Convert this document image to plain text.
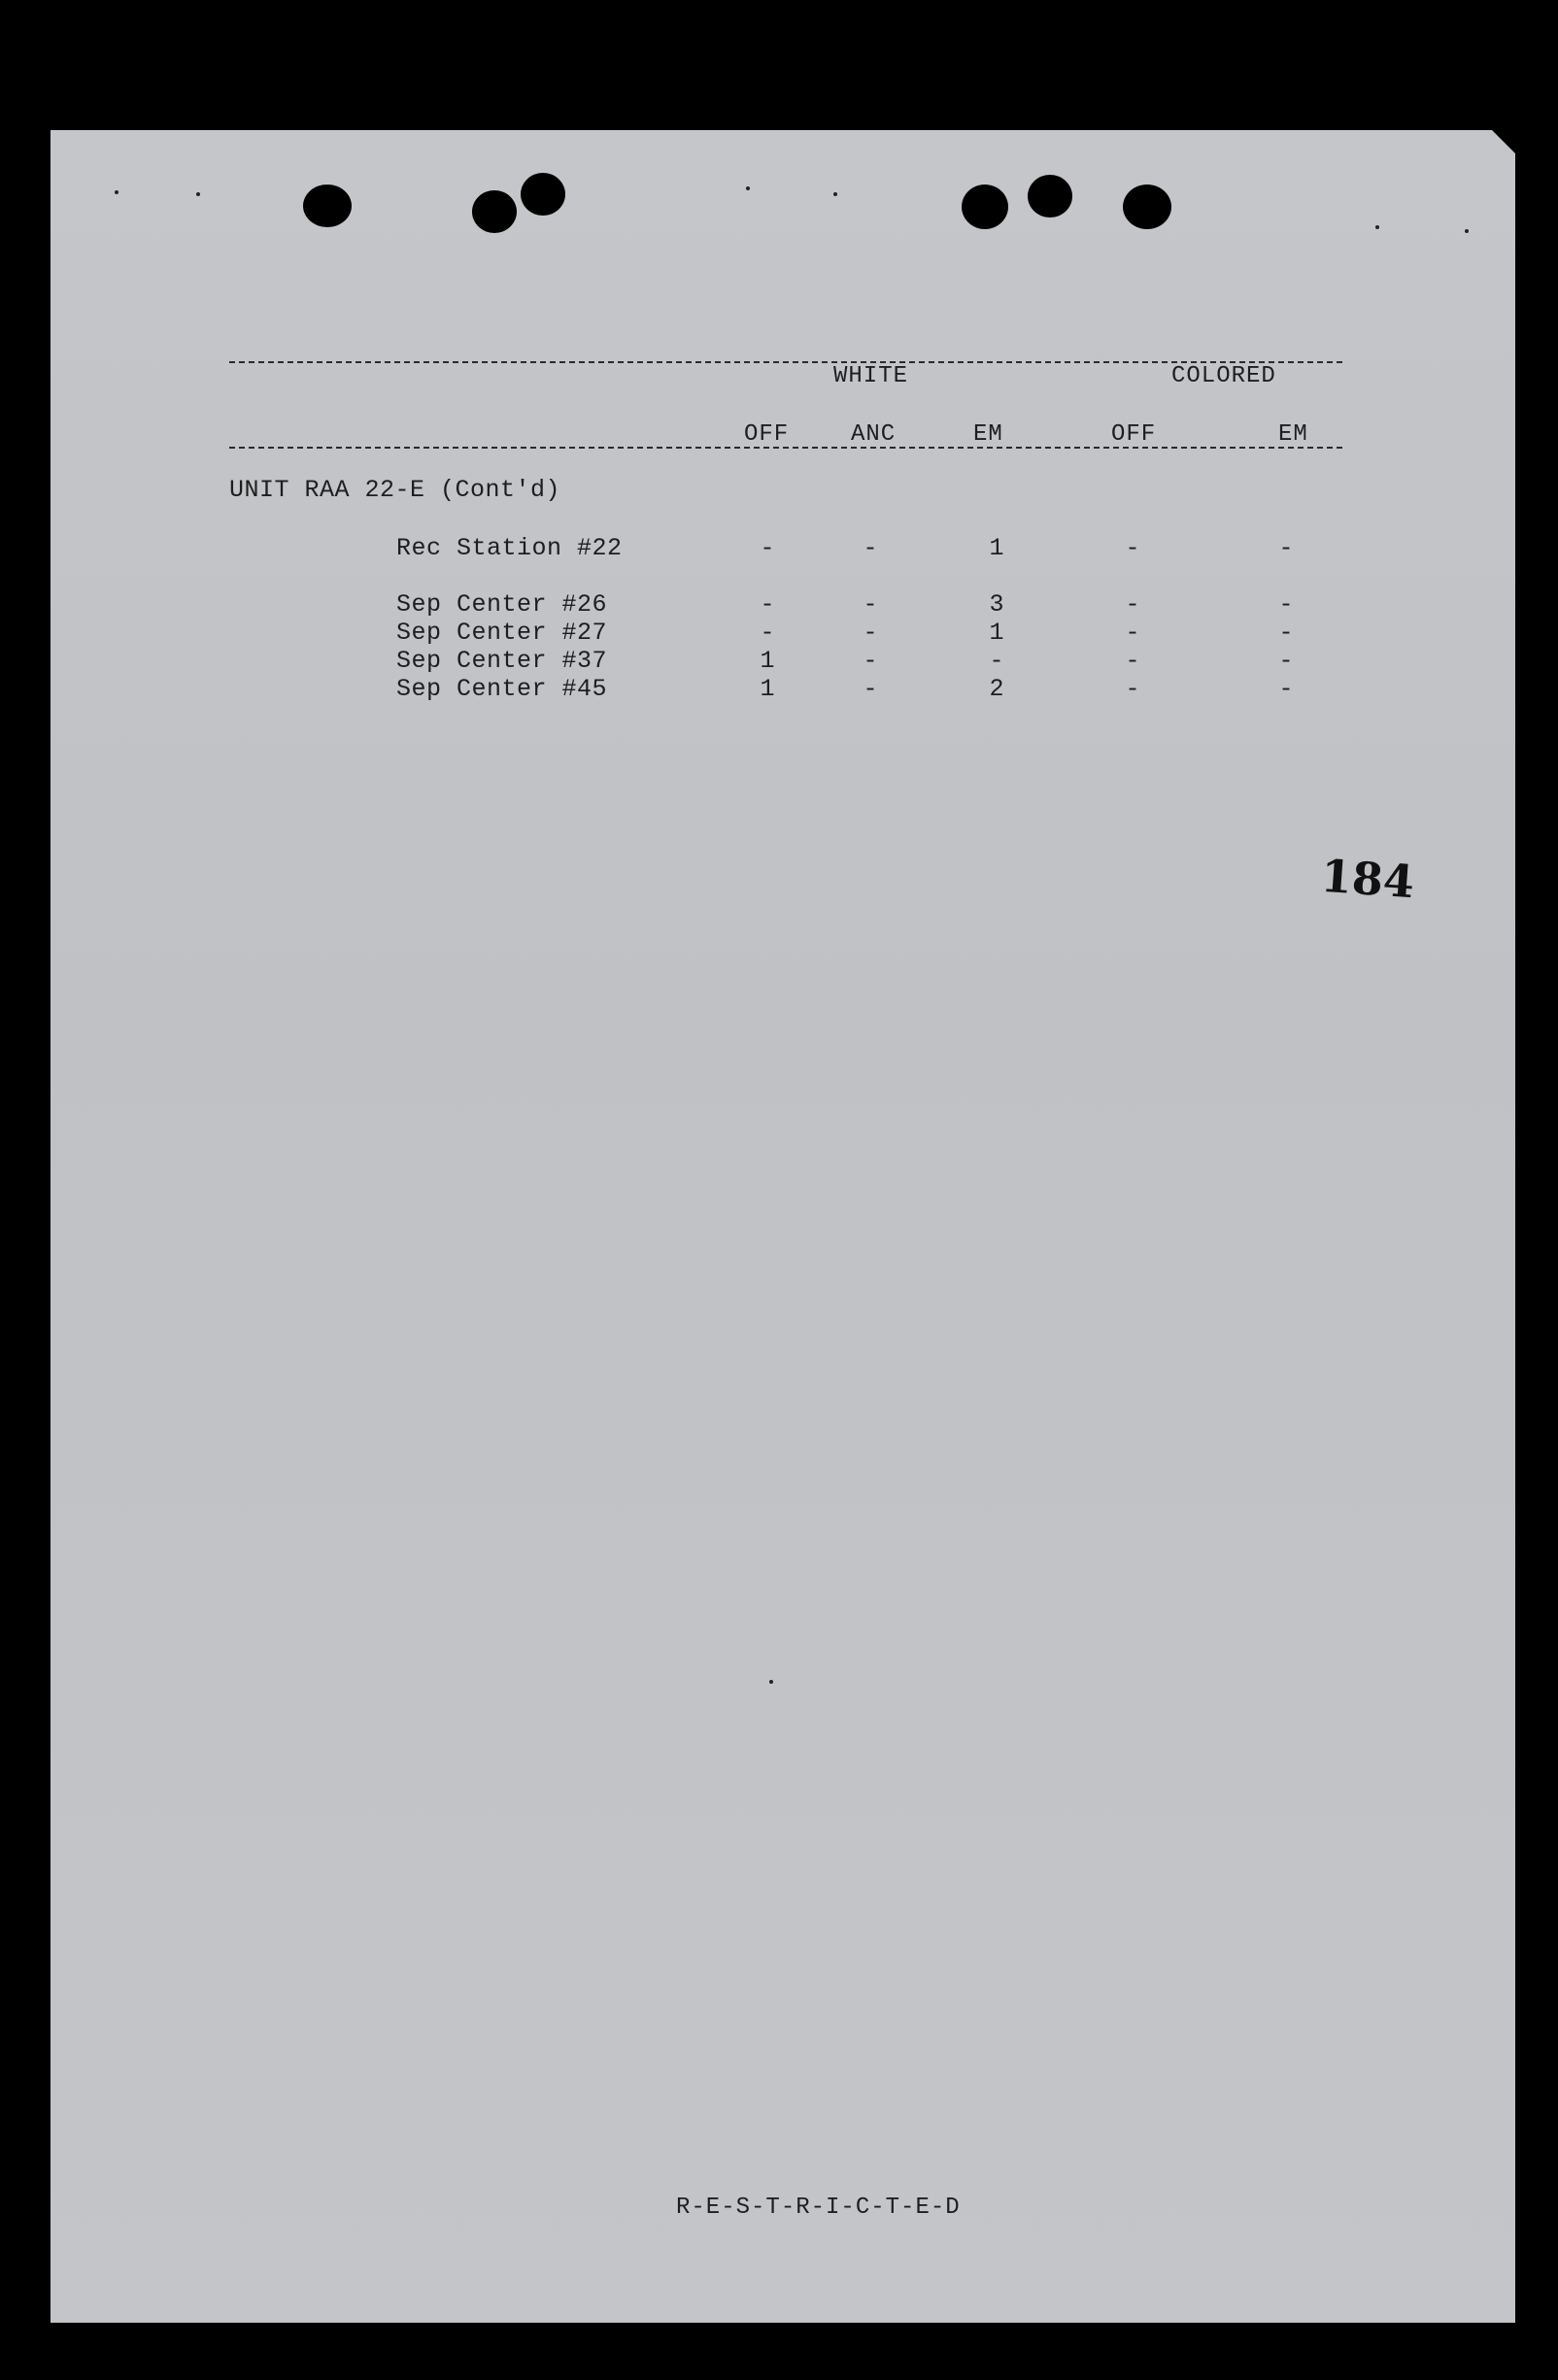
WHITE	COLORED
OFF	ANC	EM	OFF	EM
UNIT RAA 22-E (Cont'd)
Rec Station #22	-	-	1	-	-
Sep Center #26	-	-	3	-	-
Sep Center #27	-	-	1	-	-
Sep Center #37	1	-	-	-	-
Sep Center #45	1	-	2	-	-
184
R-E-S-T-R-I-C-T-E-D
